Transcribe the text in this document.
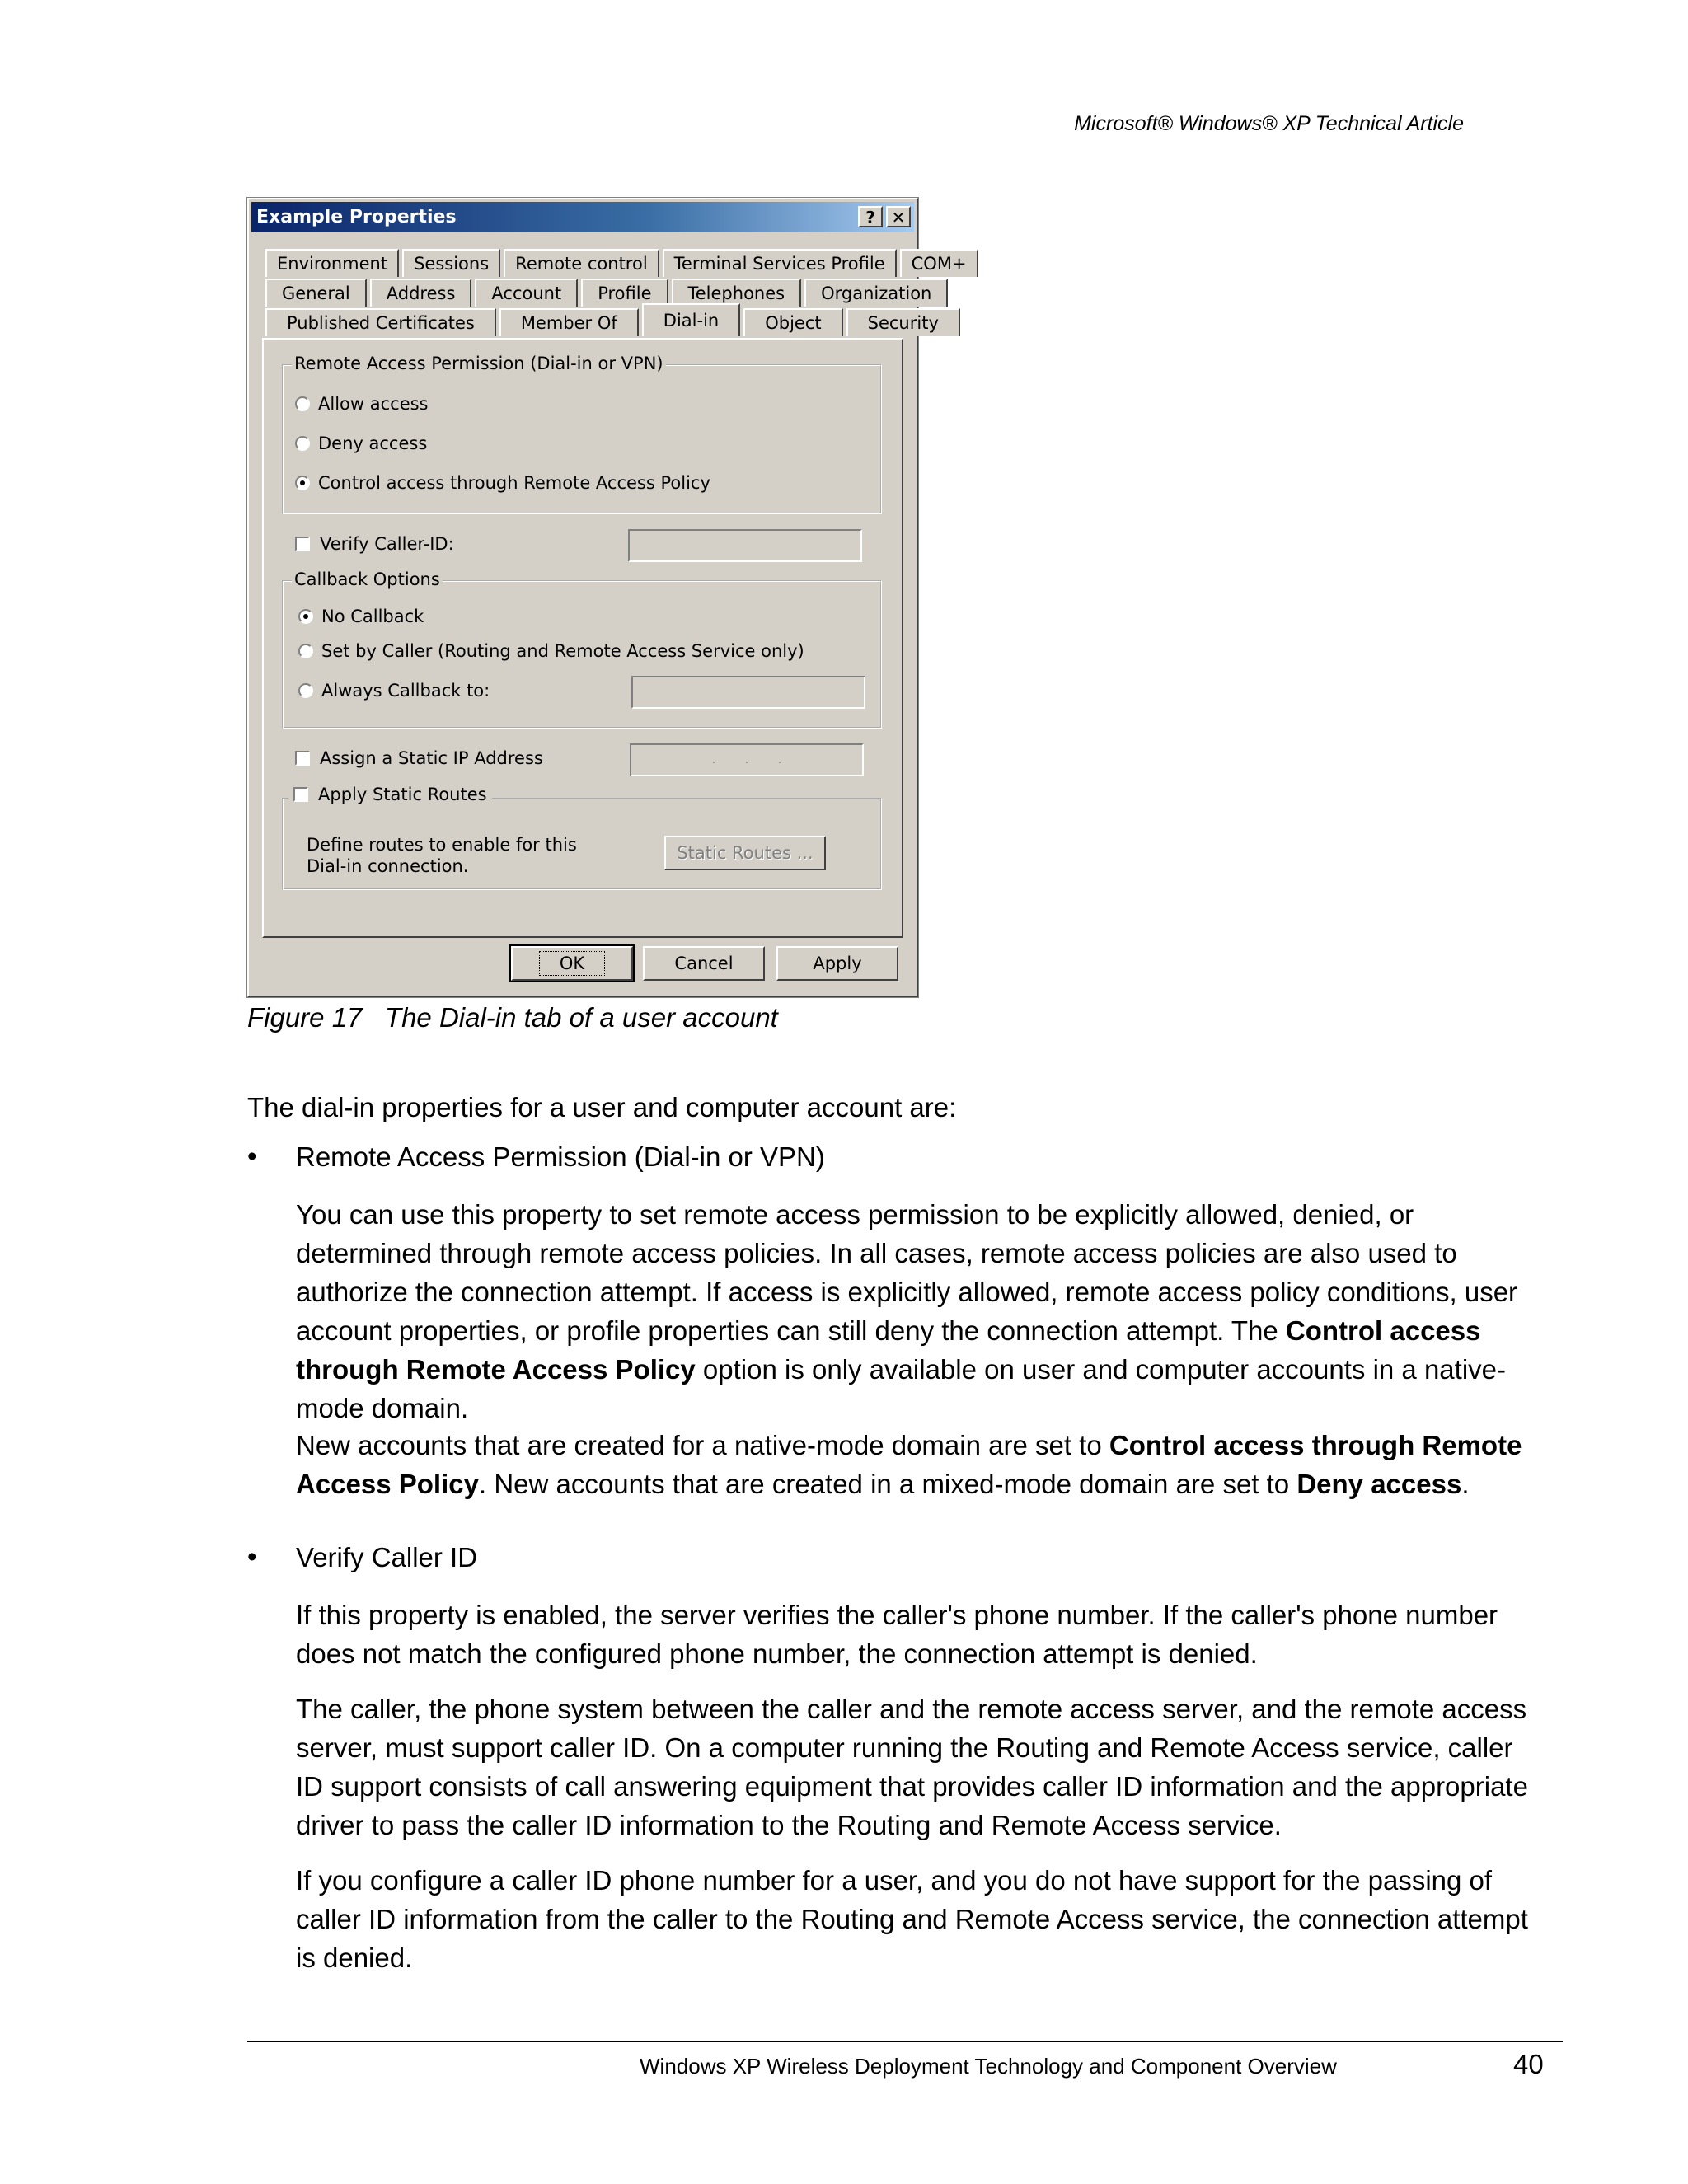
Microsoft® Windows® XP Technical Article
Example Properties	? ✕
Environment	Sessions	Remote control	Terminal Services Profile	COM+
General	Address	Account	Profile	Telephones	Organization
Published Certificates	Member Of	Dial-in	Object	Security
Remote Access Permission (Dial-in or VPN)
Allow access
Deny access
Control access through Remote Access Policy
Verify Caller-ID:
Callback Options
No Callback
Set by Caller (Routing and Remote Access Service only)
Always Callback to:
Assign a Static IP Address	.        .        .
Apply Static Routes
Define routes to enable for this Dial-in connection.
Static Routes ...
OK	Cancel	Apply
Figure 17   The Dial-in tab of a user account
The dial-in properties for a user and computer account are:
• Remote Access Permission (Dial-in or VPN)
You can use this property to set remote access permission to be explicitly allowed, denied, or determined through remote access policies. In all cases, remote access policies are also used to authorize the connection attempt. If access is explicitly allowed, remote access policy conditions, user account properties, or profile properties can still deny the connection attempt. The Control access through Remote Access Policy option is only available on user and computer accounts in a native-mode domain.
New accounts that are created for a native-mode domain are set to Control access through Remote Access Policy. New accounts that are created in a mixed-mode domain are set to Deny access.
• Verify Caller ID
If this property is enabled, the server verifies the caller's phone number. If the caller's phone number does not match the configured phone number, the connection attempt is denied.
The caller, the phone system between the caller and the remote access server, and the remote access server, must support caller ID. On a computer running the Routing and Remote Access service, caller ID support consists of call answering equipment that provides caller ID information and the appropriate driver to pass the caller ID information to the Routing and Remote Access service.
If you configure a caller ID phone number for a user, and you do not have support for the passing of caller ID information from the caller to the Routing and Remote Access service, the connection attempt is denied.
Windows XP Wireless Deployment Technology and Component Overview	40
